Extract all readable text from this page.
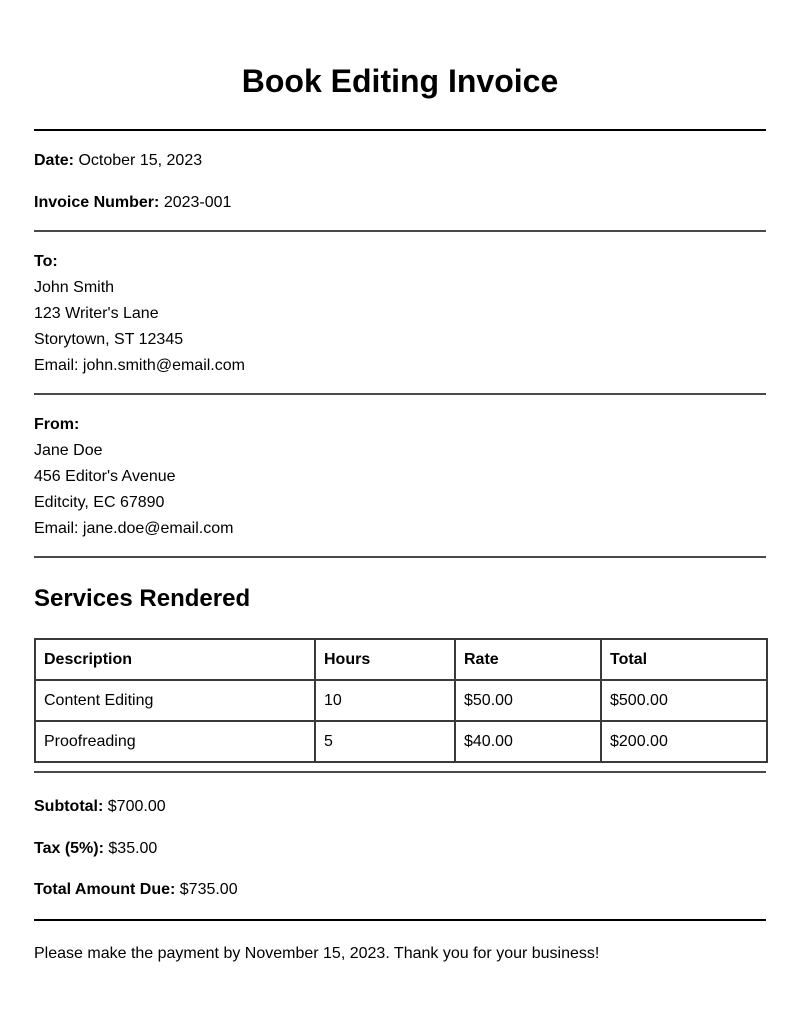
Book Editing Invoice
Date: October 15, 2023
Invoice Number: 2023-001
To:
John Smith
123 Writer's Lane
Storytown, ST 12345
Email: john.smith@email.com
From:
Jane Doe
456 Editor's Avenue
Editcity, EC 67890
Email: jane.doe@email.com
Services Rendered
Description	Hours	Rate	Total
Content Editing	10	$50.00	$500.00
Proofreading	5	$40.00	$200.00
Subtotal: $700.00
Tax (5%): $35.00
Total Amount Due: $735.00
Please make the payment by November 15, 2023. Thank you for your business!
